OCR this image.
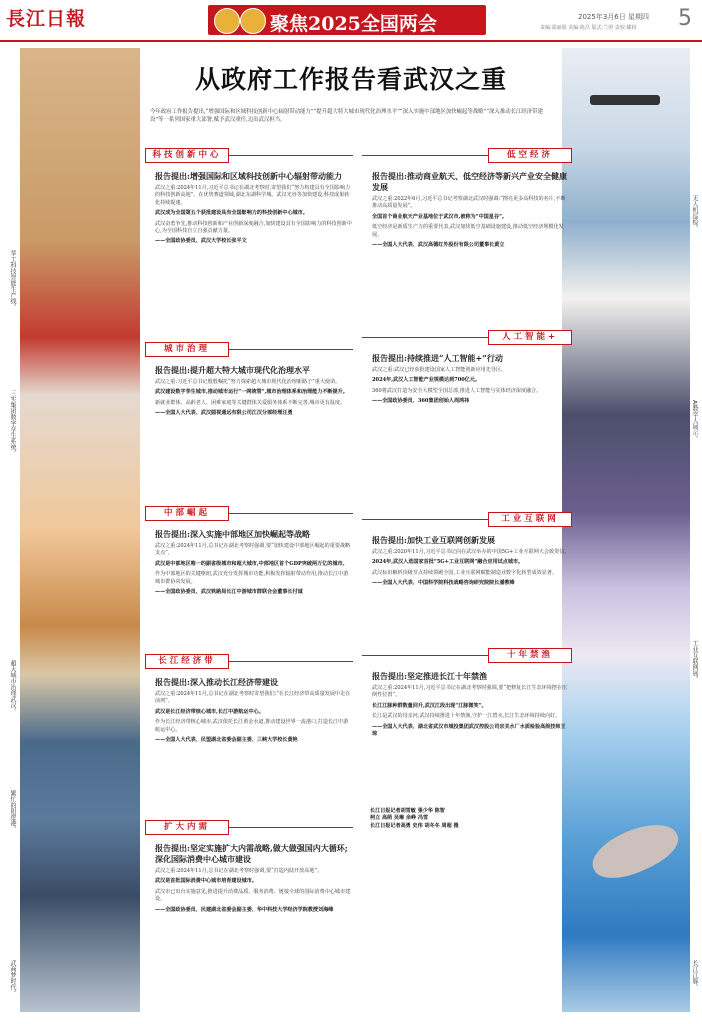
長江日報	聚焦2025全国两会	2025年3月6日 星期四
责编:邵丽娟 美编:陈昌 版式:兰照 责校:耀权 5
华工科技智能生产线。
三实集团数字孪生系统。
超大城市治理武汉。
繁忙的阳逻港。
武商梦时代。
无人机巡检。
AI数字人展示。
工业互联网展。
长江江豚。
从政府工作报告看武汉之重
今年政府工作报告提出,“增强国际和区域科技创新中心辐射带动能力”“提升超大特大城市现代化治理水平”“深入实施中部地区加快崛起等战略”“深入推动长江经济带建设”等一系列国家重大部署,赋予武汉重任,迈出武汉担当。
科技创新中心
报告提出:增强国际和区域科技创新中心辐射带动能力
武汉之重:2024年11月,习近平总书记在湖北考察时,寄望我们“努力构建具有全国影响力的科技创新高地”。在优势赛道领域,湖北东湖科学城、武汉光谷等加快建设,科技成果转化持续提速。
武汉成为全国第五个获批建设具有全国影响力的科技创新中心城市。
武汉奋勇争先,推动科技创新和产业创新深度融合,加快建设具有全国影响力的科技创新中心,为全国科技自立自强贡献力量。
——全国政协委员、武汉大学校长张平文
城市治理
报告提出:提升超大特大城市现代化治理水平
武汉之重:习近平总书记殷殷嘱托“努力探索超大城市现代化治理新路子”重大使命。
武汉建设数字孪生城市,推动城市运行“一网统管”,城市治理体系和治理能力不断提升。
新就业群体、高龄老人、困难家庭等关键群体关爱服务体系不断完善,城市更有温度。
——全国人大代表、武汉圆视通远有限公司江汉分部经理汪勇
中部崛起
报告提出:深入实施中部地区加快崛起等战略
武汉之重:2024年11月,总书记在湖北考察时强调,要“加快建设中部地区崛起的重要战略支点”。
武汉是中部地区唯一的副省级城市和超大城市,中部地区首个GDP突破两万亿的城市。
作为中部地区的关键枢纽,武汉充分发挥城市功能,积极发挥辐射带动作用,推动长江中游城市群协同发展。
——全国政协委员、武汉铁路局长江中游城市群联合会董事长付诚
长江经济带
报告提出:深入推动长江经济带建设
武汉之重:2024年11月,总书记在湖北考察时寄望我们:“在长江经济带高质量发展中走在前列”。
武汉是长江经济带核心城市,长江中游航运中心。
作为长江经济带核心城市,武汉依托长江黄金水道,推动建设世界一流港口,打造长江中游航运中心。
——全国人大代表、民盟湖北省委会副主委、三峡大学校长黄艳
扩大内需
报告提出:坚定实施扩大内需战略,做大做强国内大循环;深化国际消费中心城市建设
武汉之重:2024年11月,总书记在湖北考察时强调,要“打造内陆开放高地”。
武汉是首批国际消费中心城市培育建设城市。
武汉市已出台实施意见,推进提升消费品质、服务消费、链接全球的国际消费中心城市建设。
——全国政协委员、民建湖北省委会副主委、华中科技大学经济学院教授刘海峰
低空经济
报告提出:推动商业航天、低空经济等新兴产业安全健康发展
武汉之重:2022年6月,习近平总书记考察湖北武汉时强调:“擦亮更多高科技的名片,不断推动高质量发展”。
全国首个商业航天产业基地位于武汉市,被称为“中国星谷”。
低空经济是新质生产力的重要代表,武汉加快低空基础设施建设,推动低空经济规模化发展。
——全国人大代表、武汉高德红外股份有限公司董事长黄立
人工智能+
报告提出:持续推进“人工智能+”行动
武汉之重:武汉已经获批建设国家人工智能创新应用先导区。
2024年,武汉人工智能产业规模达到700亿元。
360将武汉打造为安全大模型全国总部,推进人工智能与实体经济深度融合。
——全国政协委员、360集团创始人周鸿祎
工业互联网
报告提出:加快工业互联网创新发展
武汉之重:2020年11月,习近平总书记向在武汉举办的中国5G+工业互联网大会致贺信。
2024年,武汉入选国家首批“5G+工业互联网”融合应用试点城市。
武汉标识解析顶级节点持续领跑全国,工业互联网赋能制造业数字化转型成效显著。
——全国人大代表、中国科学院科技战略咨询研究院院长潘教峰
十年禁渔
报告提出:坚定推进长江十年禁渔
武汉之重:2024年11月,习近平总书记在湖北考察时强调,要“把修复长江生态环境摆在压倒性位置”。
长江江豚种群数量回升,武汉江段出现“江豚微笑”。
长江是武汉的母亲河,武汉持续推进十年禁渔,守护一江碧水,长江生态环境持续向好。
——全国人大代表、湖北省武汉市城投集团武汉控股公司宗关水厂水质检验高级技师王琼
长江日报记者胡雪敏 張少华 陈智
柯立 高萌 吴琳 余峥 冯雪
长江日报记者高勇 史伟 胡冬冬 周超 摄
